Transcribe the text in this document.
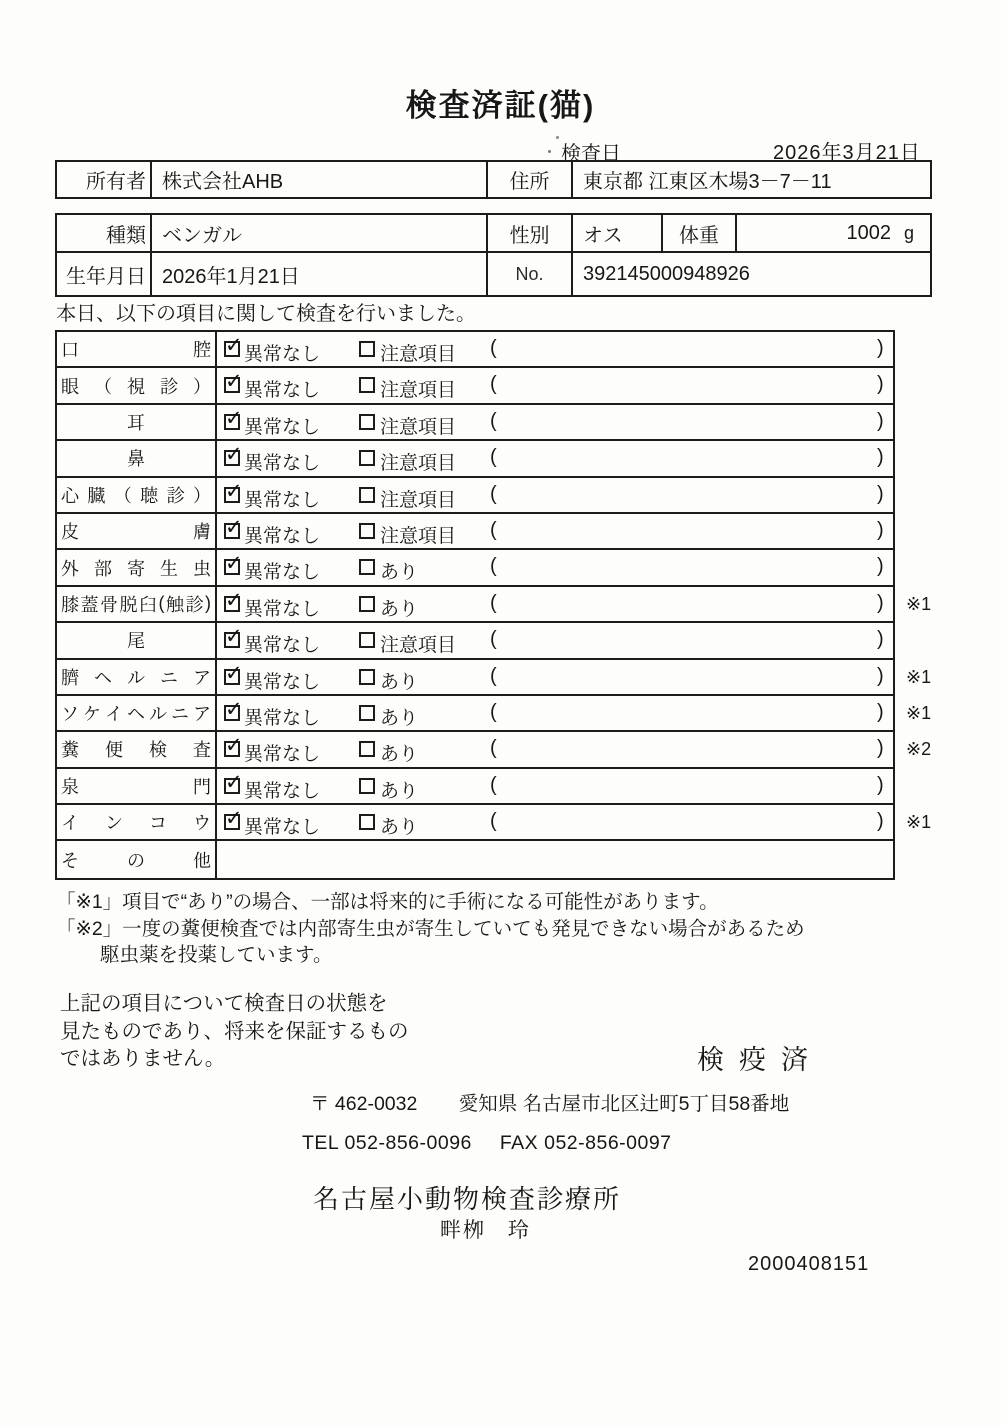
検査済証(猫)
検査日	2026年3月21日
所有者 株式会社AHB	住所	東京都 江東区木場3－7－11
種類 ベンガル	性別	オス	体重	1002 g
生年月日 2026年1月21日	No.	392145000948926

本日、以下の項目に関して検査を行いました。

口	腔 ✓ 異常なし	注意項目 (	)
眼 （ 視 診 ） ✓ 異常なし	注意項目 (	)
耳	✓ 異常なし	注意項目 (	)
鼻	✓ 異常なし	注意項目 (	)
心 臓 （ 聴 診 ） ✓ 異常なし	注意項目 (	)
皮	膚 ✓ 異常なし	注意項目 (	)
外 部 寄 生 虫 ✓ 異常なし	あり	(	)
膝 蓋 骨 脱 臼 ( 触 診 ) ✓ 異常なし	あり	(	) ※1
尾	✓ 異常なし	注意項目 (	)
臍 ヘ ル ニ ア ✓ 異常なし	あり	(	) ※1
ソ ケ イ ヘ ル ニ ア ✓ 異常なし	あり	(	) ※1
糞 便 検 査 ✓ 異常なし	あり	(	) ※2
泉	門 ✓ 異常なし	あり	(	)
イ ン コ ウ ✓ 異常なし	あり	(	) ※1
そ	の	他

「※1」項目で“あり”の場合、一部は将来的に手術になる可能性があります。

「※2」一度の糞便検査では内部寄生虫が寄生していても発見できない場合があるため

駆虫薬を投薬しています。

上記の項目について検査日の状態を
見たものであり、将来を保証するもの
ではありません。	検疫済
〒 462-0032 愛知県 名古屋市北区辻町5丁目58番地
TEL 052-856-0096 FAX 052-856-0097
名古屋小動物検査診療所
畔栁 玲
2000408151
